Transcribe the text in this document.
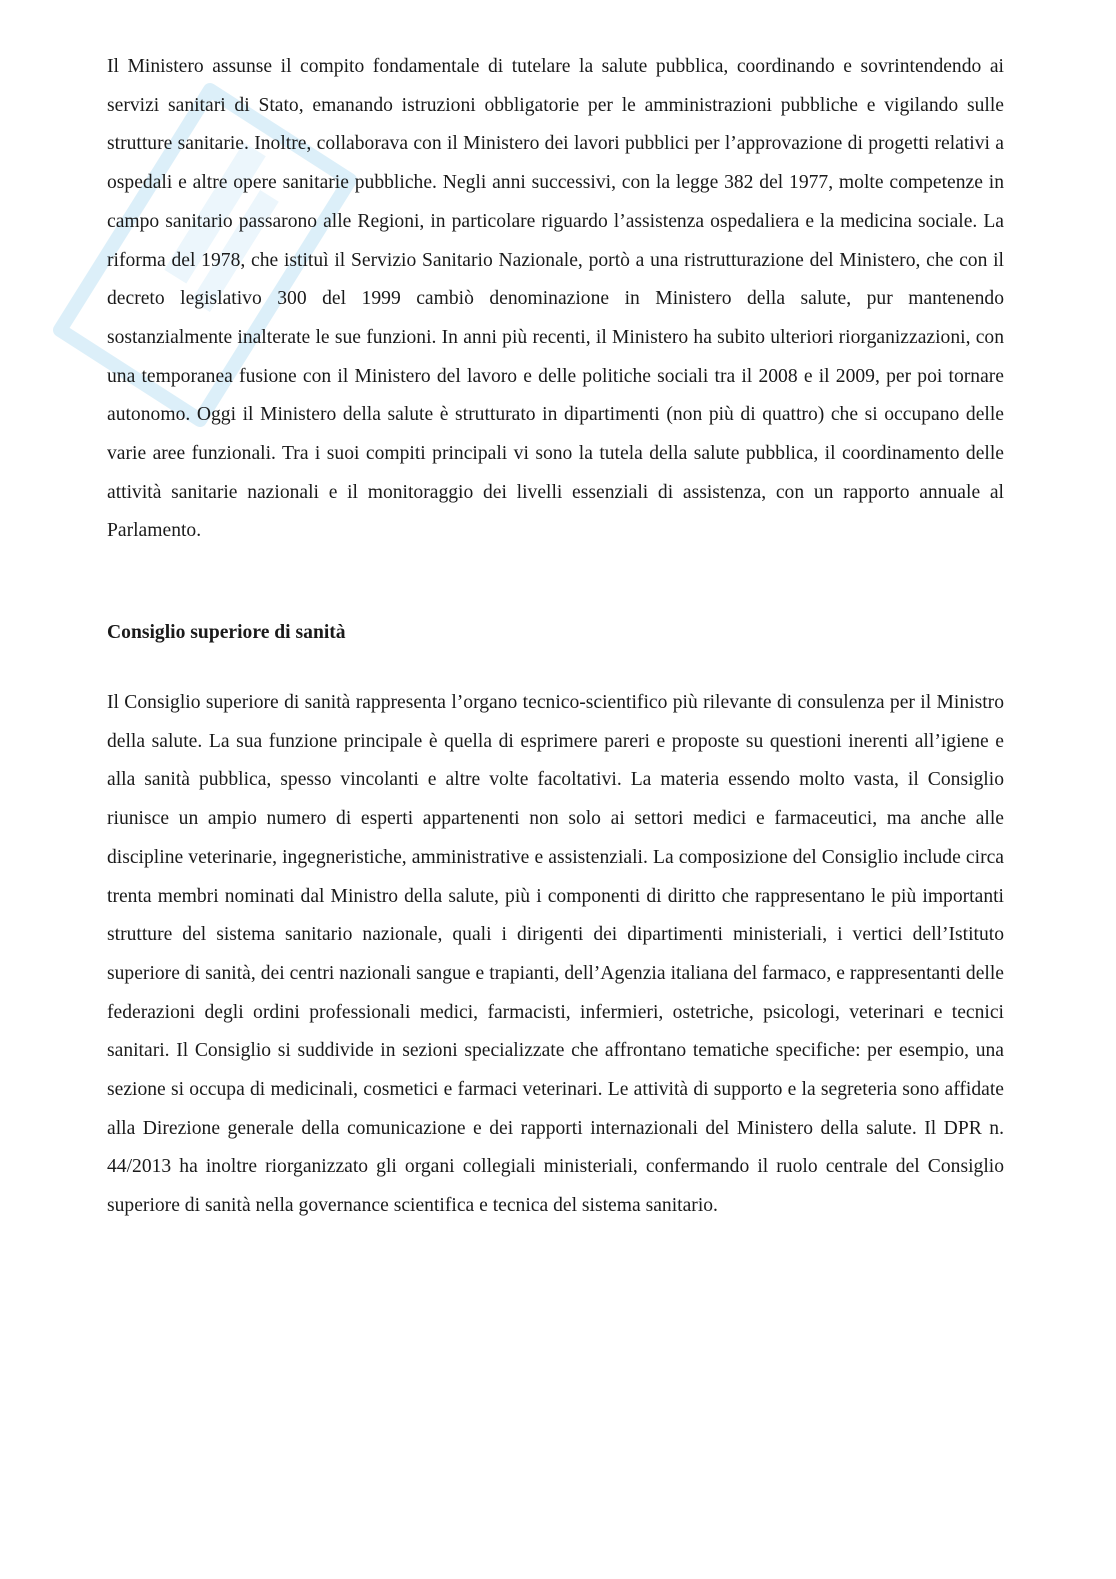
Il Ministero assunse il compito fondamentale di tutelare la salute pubblica, coordinando e sovrintendendo ai servizi sanitari di Stato, emanando istruzioni obbligatorie per le amministrazioni pubbliche e vigilando sulle strutture sanitarie. Inoltre, collaborava con il Ministero dei lavori pubblici per l’approvazione di progetti relativi a ospedali e altre opere sanitarie pubbliche. Negli anni successivi, con la legge 382 del 1977, molte competenze in campo sanitario passarono alle Regioni, in particolare riguardo l’assistenza ospedaliera e la medicina sociale. La riforma del 1978, che istituì il Servizio Sanitario Nazionale, portò a una ristrutturazione del Ministero, che con il decreto legislativo 300 del 1999 cambiò denominazione in Ministero della salute, pur mantenendo sostanzialmente inalterate le sue funzioni. In anni più recenti, il Ministero ha subito ulteriori riorganizzazioni, con una temporanea fusione con il Ministero del lavoro e delle politiche sociali tra il 2008 e il 2009, per poi tornare autonomo. Oggi il Ministero della salute è strutturato in dipartimenti (non più di quattro) che si occupano delle varie aree funzionali. Tra i suoi compiti principali vi sono la tutela della salute pubblica, il coordinamento delle attività sanitarie nazionali e il monitoraggio dei livelli essenziali di assistenza, con un rapporto annuale al Parlamento.

Consiglio superiore di sanità

Il Consiglio superiore di sanità rappresenta l’organo tecnico-scientifico più rilevante di consulenza per il Ministro della salute. La sua funzione principale è quella di esprimere pareri e proposte su questioni inerenti all’igiene e alla sanità pubblica, spesso vincolanti e altre volte facoltativi. La materia essendo molto vasta, il Consiglio riunisce un ampio numero di esperti appartenenti non solo ai settori medici e farmaceutici, ma anche alle discipline veterinarie, ingegneristiche, amministrative e assistenziali. La composizione del Consiglio include circa trenta membri nominati dal Ministro della salute, più i componenti di diritto che rappresentano le più importanti strutture del sistema sanitario nazionale, quali i dirigenti dei dipartimenti ministeriali, i vertici dell’Istituto superiore di sanità, dei centri nazionali sangue e trapianti, dell’Agenzia italiana del farmaco, e rappresentanti delle federazioni degli ordini professionali medici, farmacisti, infermieri, ostetriche, psicologi, veterinari e tecnici sanitari. Il Consiglio si suddivide in sezioni specializzate che affrontano tematiche specifiche: per esempio, una sezione si occupa di medicinali, cosmetici e farmaci veterinari. Le attività di supporto e la segreteria sono affidate alla Direzione generale della comunicazione e dei rapporti internazionali del Ministero della salute. Il DPR n. 44/2013 ha inoltre riorganizzato gli organi collegiali ministeriali, confermando il ruolo centrale del Consiglio superiore di sanità nella governance scientifica e tecnica del sistema sanitario.
